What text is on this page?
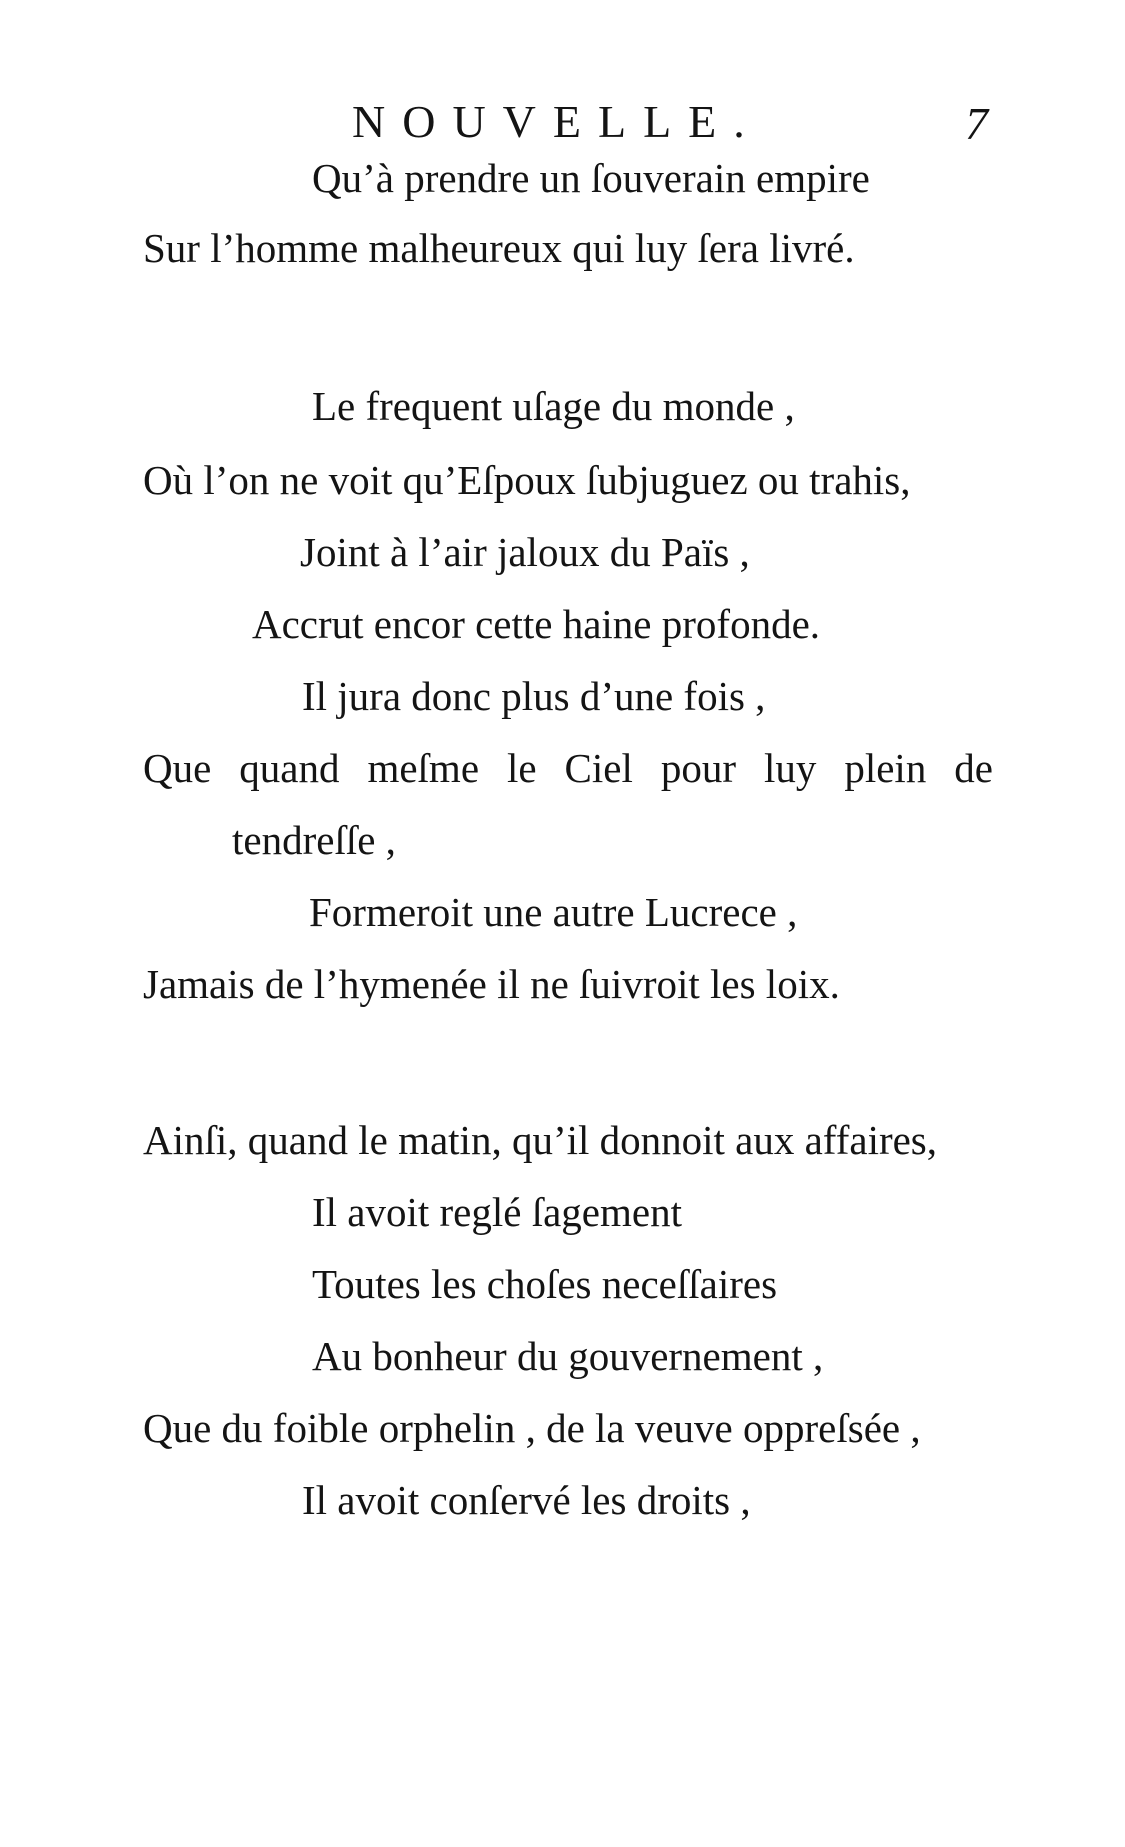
NOUVELLE.	7
Qu’à prendre un ſouverain empire
Sur l’homme malheureux qui luy ſera livré.
Le frequent uſage du monde ,
Où l’on ne voit qu’Eſpoux ſubjuguez ou trahis,
Joint à l’air jaloux du Païs ,
Accrut encor cette haine profonde.
Il jura donc plus d’une fois ,
Que quand meſme le Ciel pour luy plein de
tendreſſe ,
Formeroit une autre Lucrece ,
Jamais de l’hymenée il ne ſuivroit les loix.
Ainſi, quand le matin, qu’il donnoit aux affaires,
Il avoit reglé ſagement
Toutes les choſes neceſſaires
Au bonheur du gouvernement ,
Que du foible orphelin , de la veuve oppreſsée ,
Il avoit conſervé les droits ,
